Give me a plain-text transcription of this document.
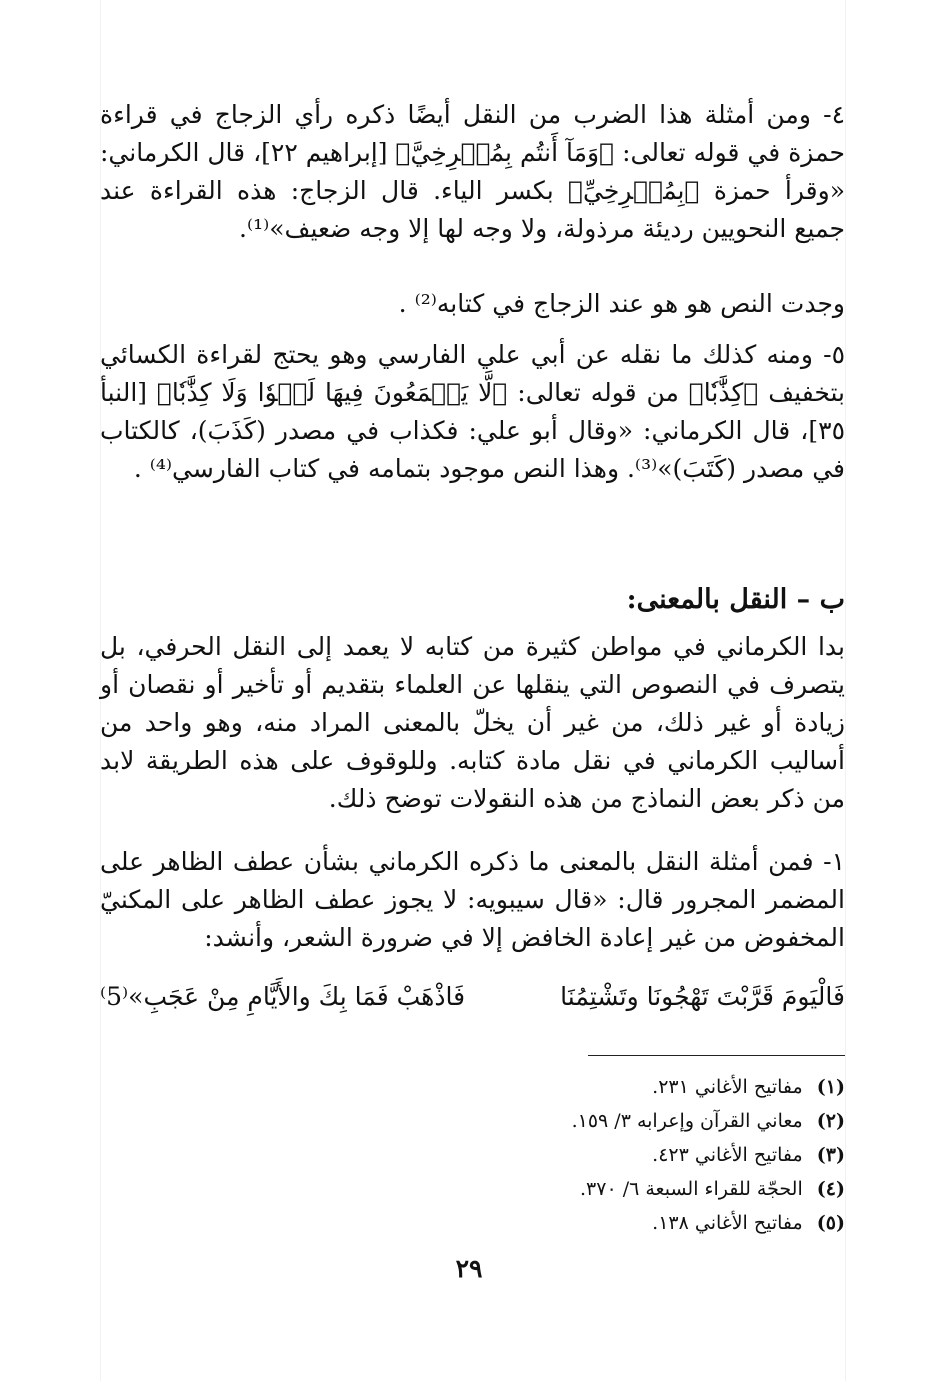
٤- ومن أمثلة هذا الضرب من النقل أيضًا ذكره رأي الزجاج في قراءة حمزة في قوله تعالى: ﴿وَمَآ أَنتُم بِمُصۡرِخِيَّ﴾ [إبراهيم ٢٢]، قال الكرماني: «وقرأ حمزة ﴿بِمُصۡرِخِيِّ﴾ بكسر الياء. قال الزجاج: هذه القراءة عند جميع النحويين رديئة مرذولة، ولا وجه لها إلا وجه ضعيف»⁽¹⁾.

وجدت النص هو هو عند الزجاج في كتابه⁽²⁾ .

٥- ومنه كذلك ما نقله عن أبي علي الفارسي وهو يحتج لقراءة الكسائي بتخفيف ﴿كِذَّٰبٗا﴾ من قوله تعالى: ﴿لَّا يَسۡمَعُونَ فِيهَا لَغۡوٗا وَلَا كِذَّٰبٗا﴾ [النبأ ٣٥]، قال الكرماني: «وقال أبو علي: فكذاب في مصدر (كَذَبَ)، كالكتاب في مصدر (كَتَبَ)»⁽³⁾. وهذا النص موجود بتمامه في كتاب الفارسي⁽⁴⁾ .

ب – النقل بالمعنى:

بدا الكرماني في مواطن كثيرة من كتابه لا يعمد إلى النقل الحرفي، بل يتصرف في النصوص التي ينقلها عن العلماء بتقديم أو تأخير أو نقصان أو زيادة أو غير ذلك، من غير أن يخلّ بالمعنى المراد منه، وهو واحد من أساليب الكرماني في نقل مادة كتابه. وللوقوف على هذه الطريقة لابد من ذكر بعض النماذج من هذه النقولات توضح ذلك.

١- فمن أمثلة النقل بالمعنى ما ذكره الكرماني بشأن عطف الظاهر على المضمر المجرور قال: «قال سيبويه: لا يجوز عطف الظاهر على المكنيّ المخفوض من غير إعادة الخافض إلا في ضرورة الشعر، وأنشد:

فَالْيَومَ قَرَّبْتَ تَهْجُونَا وتَشْتِمُنَا
فَاذْهَبْ فَمَا بِكَ والأَيَّامِ مِنْ عَجَبِ»⁽5⁾
(١) مفاتيح الأغاني ٢٣١.
(٢) معاني القرآن وإعرابه ٣/ ١٥٩.
(٣) مفاتيح الأغاني ٤٢٣.
(٤) الحجّة للقراء السبعة ٦/ ٣٧٠.
(٥) مفاتيح الأغاني ١٣٨.
٢٩
